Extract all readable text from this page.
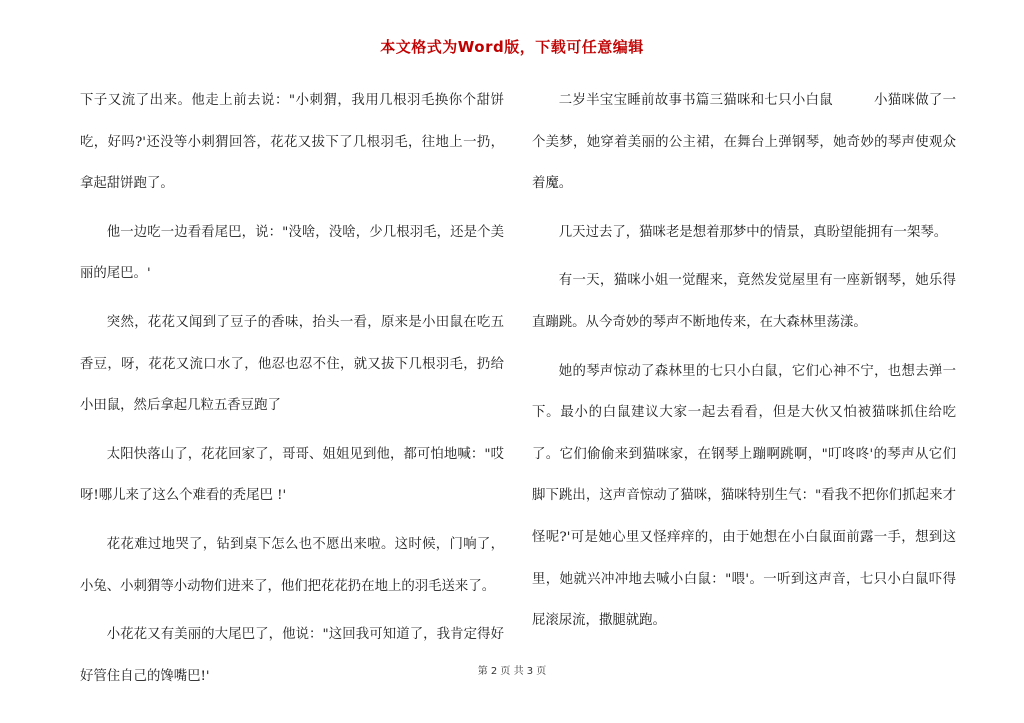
本文格式为Word版，下载可任意编辑

下子又流了出来。他走上前去说："小刺猬，我用几根羽毛换你个甜饼吃，好吗?'还没等小刺猬回答，花花又拔下了几根羽毛，往地上一扔，拿起甜饼跑了。

他一边吃一边看看尾巴，说："没啥，没啥，少几根羽毛，还是个美丽的尾巴。'

突然，花花又闻到了豆子的香味，抬头一看，原来是小田鼠在吃五香豆，呀，花花又流口水了，他忍也忍不住，就又拔下几根羽毛，扔给小田鼠，然后拿起几粒五香豆跑了

太阳快落山了，花花回家了，哥哥、姐姐见到他，都可怕地喊："哎呀!哪儿来了这么个难看的秃尾巴 !'

花花难过地哭了，钻到桌下怎么也不愿出来啦。这时候，门响了，小兔、小刺猬等小动物们进来了，他们把花花扔在地上的羽毛送来了。

小花花又有美丽的大尾巴了，他说："这回我可知道了，我肯定得好好管住自己的馋嘴巴!'

二岁半宝宝睡前故事书篇三猫咪和七只小白鼠　　　小猫咪做了一个美梦，她穿着美丽的公主裙，在舞台上弹钢琴，她奇妙的琴声使观众着魔。

几天过去了，猫咪老是想着那梦中的情景，真盼望能拥有一架琴。

有一天，猫咪小姐一觉醒来，竟然发觉屋里有一座新钢琴，她乐得直蹦跳。从今奇妙的琴声不断地传来，在大森林里荡漾。

她的琴声惊动了森林里的七只小白鼠，它们心神不宁，也想去弹一下。最小的白鼠建议大家一起去看看，但是大伙又怕被猫咪抓住给吃了。它们偷偷来到猫咪家，在钢琴上蹦啊跳啊，"叮咚咚'的琴声从它们脚下跳出，这声音惊动了猫咪，猫咪特别生气："看我不把你们抓起来才怪呢?'可是她心里又怪痒痒的，由于她想在小白鼠面前露一手，想到这里，她就兴冲冲地去喊小白鼠："喂'。一听到这声音，七只小白鼠吓得屁滚尿流，撒腿就跑。

第 2 页 共 3 页
